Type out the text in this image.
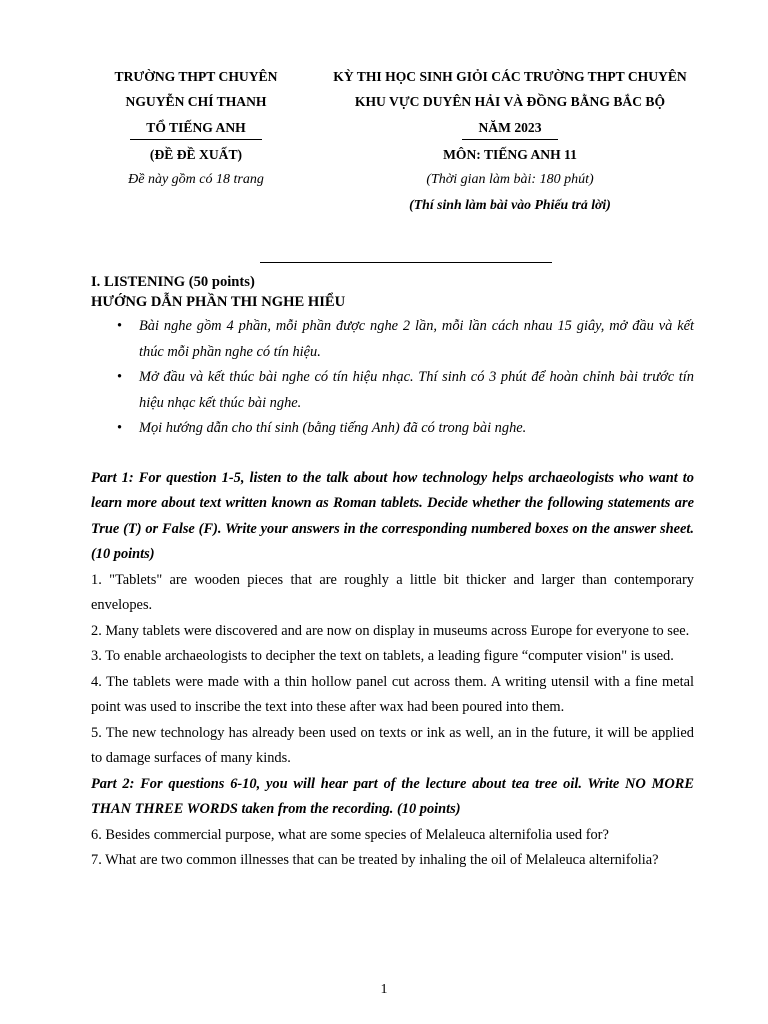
TRƯỜNG THPT CHUYÊN
NGUYỄN CHÍ THANH
TỔ TIẾNG ANH
(ĐỀ ĐỀ XUẤT)
Đề này gồm có 18 trang
KỲ THI HỌC SINH GIỎI CÁC TRƯỜNG THPT CHUYÊN
KHU VỰC DUYÊN HẢI VÀ ĐỒNG BẰNG BẮC BỘ
NĂM 2023
MÔN: TIẾNG ANH 11
(Thời gian làm bài: 180 phút)
(Thí sinh làm bài vào Phiếu trả lời)
I. LISTENING (50 points)
HƯỚNG DẪN PHẦN THI NGHE HIỂU
• Bài nghe gồm 4 phần, mỗi phần được nghe 2 lần, mỗi lần cách nhau 15 giây, mở đầu và kết thúc mỗi phần nghe có tín hiệu.
• Mở đầu và kết thúc bài nghe có tín hiệu nhạc. Thí sinh có 3 phút để hoàn chỉnh bài trước tín hiệu nhạc kết thúc bài nghe.
• Mọi hướng dẫn cho thí sinh (bằng tiếng Anh) đã có trong bài nghe.
Part 1: For question 1-5, listen to the talk about how technology helps archaeologists who want to learn more about text written known as Roman tablets. Decide whether the following statements are True (T) or False (F). Write your answers in the corresponding numbered boxes on the answer sheet. (10 points)
1. "Tablets" are wooden pieces that are roughly a little bit thicker and larger than contemporary envelopes.
2. Many tablets were discovered and are now on display in museums across Europe for everyone to see.
3. To enable archaeologists to decipher the text on tablets, a leading figure “computer vision" is used.
4. The tablets were made with a thin hollow panel cut across them. A writing utensil with a fine metal point was used to inscribe the text into these after wax had been poured into them.
5. The new technology has already been used on texts or ink as well, an in the future, it will be applied to damage surfaces of many kinds.
Part 2: For questions 6-10, you will hear part of the lecture about tea tree oil. Write NO MORE THAN THREE WORDS taken from the recording. (10 points)
6. Besides commercial purpose, what are some species of Melaleuca alternifolia used for?
7. What are two common illnesses that can be treated by inhaling the oil of Melaleuca alternifolia?
1
